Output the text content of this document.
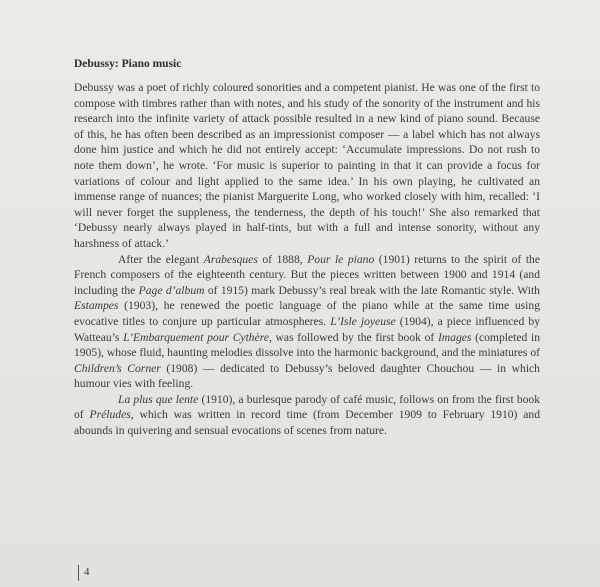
Debussy: Piano music

Debussy was a poet of richly coloured sonorities and a competent pianist. He was one of the first to compose with timbres rather than with notes, and his study of the sonority of the instrument and his research into the infinite variety of attack possible resulted in a new kind of piano sound. Because of this, he has often been described as an impressionist composer — a label which has not always done him justice and which he did not entirely accept: ‘Accumulate impressions. Do not rush to note them down’, he wrote. ‘For music is superior to painting in that it can provide a focus for variations of colour and light applied to the same idea.’ In his own playing, he cultivated an immense range of nuances; the pianist Marguerite Long, who worked closely with him, recalled: ‘I will never forget the suppleness, the tenderness, the depth of his touch!’ She also remarked that ‘Debussy nearly always played in half-tints, but with a full and intense sonority, without any harshness of attack.’

After the elegant Arabesques of 1888, Pour le piano (1901) returns to the spirit of the French composers of the eighteenth century. But the pieces written between 1900 and 1914 (and including the Page d’album of 1915) mark Debussy’s real break with the late Romantic style. With Estampes (1903), he renewed the poetic language of the piano while at the same time using evocative titles to conjure up particular atmospheres. L’Isle joyeuse (1904), a piece influenced by Watteau’s L’Embarquement pour Cythère, was followed by the first book of Images (completed in 1905), whose fluid, haunting melodies dissolve into the harmonic background, and the miniatures of Children’s Corner (1908) — dedicated to Debussy’s beloved daughter Chouchou — in which humour vies with feeling.

La plus que lente (1910), a burlesque parody of café music, follows on from the first book of Préludes, which was written in record time (from December 1909 to February 1910) and abounds in quivering and sensual evocations of scenes from nature.

4
